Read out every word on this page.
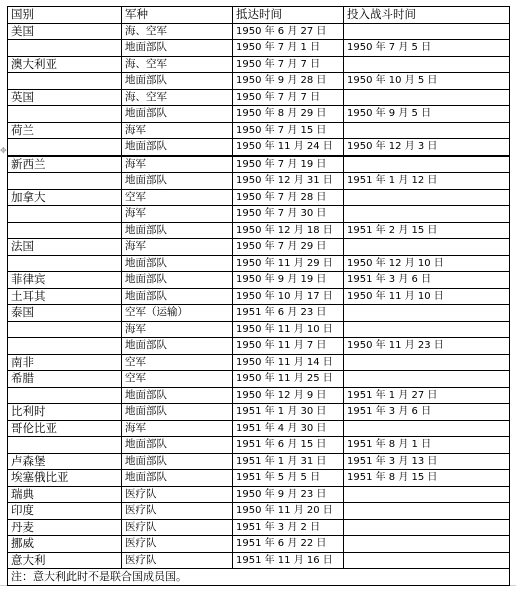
✥
国别	军种	抵达时间	投入战斗时间
美国	海、空军	1950 年 6 月 27 日	
	地面部队	1950 年 7 月 1 日	1950 年 7 月 5 日
澳大利亚	海、空军	1950 年 7 月 7 日	
	地面部队	1950 年 9 月 28 日	1950 年 10 月 5 日
英国	海、空军	1950 年 7 月 7 日	
	地面部队	1950 年 8 月 29 日	1950 年 9 月 5 日
荷兰	海军	1950 年 7 月 15 日	
	地面部队	1950 年 11 月 24 日	1950 年 12 月 3 日
新西兰	海军	1950 年 7 月 19 日	
	地面部队	1950 年 12 月 31 日	1951 年 1 月 12 日
加拿大	空军	1950 年 7 月 28 日	
	海军	1950 年 7 月 30 日	
	地面部队	1950 年 12 月 18 日	1951 年 2 月 15 日
法国	海军	1950 年 7 月 29 日	
	地面部队	1950 年 11 月 29 日	1950 年 12 月 10 日
菲律宾	地面部队	1950 年 9 月 19 日	1951 年 3 月 6 日
土耳其	地面部队	1950 年 10 月 17 日	1950 年 11 月 10 日
泰国	空军（运输）	1951 年 6 月 23 日	
	海军	1950 年 11 月 10 日	
	地面部队	1950 年 11 月 7 日	1950 年 11 月 23 日
南非	空军	1950 年 11 月 14 日	
希腊	空军	1950 年 11 月 25 日	
	地面部队	1950 年 12 月 9 日	1951 年 1 月 27 日
比利时	地面部队	1951 年 1 月 30 日	1951 年 3 月 6 日
哥伦比亚	海军	1951 年 4 月 30 日	
	地面部队	1951 年 6 月 15 日	1951 年 8 月 1 日
卢森堡	地面部队	1951 年 1 月 31 日	1951 年 3 月 13 日
埃塞俄比亚	地面部队	1951 年 5 月 5 日	1951 年 8 月 15 日
瑞典	医疗队	1950 年 9 月 23 日	
印度	医疗队	1950 年 11 月 20 日	
丹麦	医疗队	1951 年 3 月 2 日	
挪威	医疗队	1951 年 6 月 22 日	
意大利	医疗队	1951 年 11 月 16 日	
注：意大利此时不是联合国成员国。			
